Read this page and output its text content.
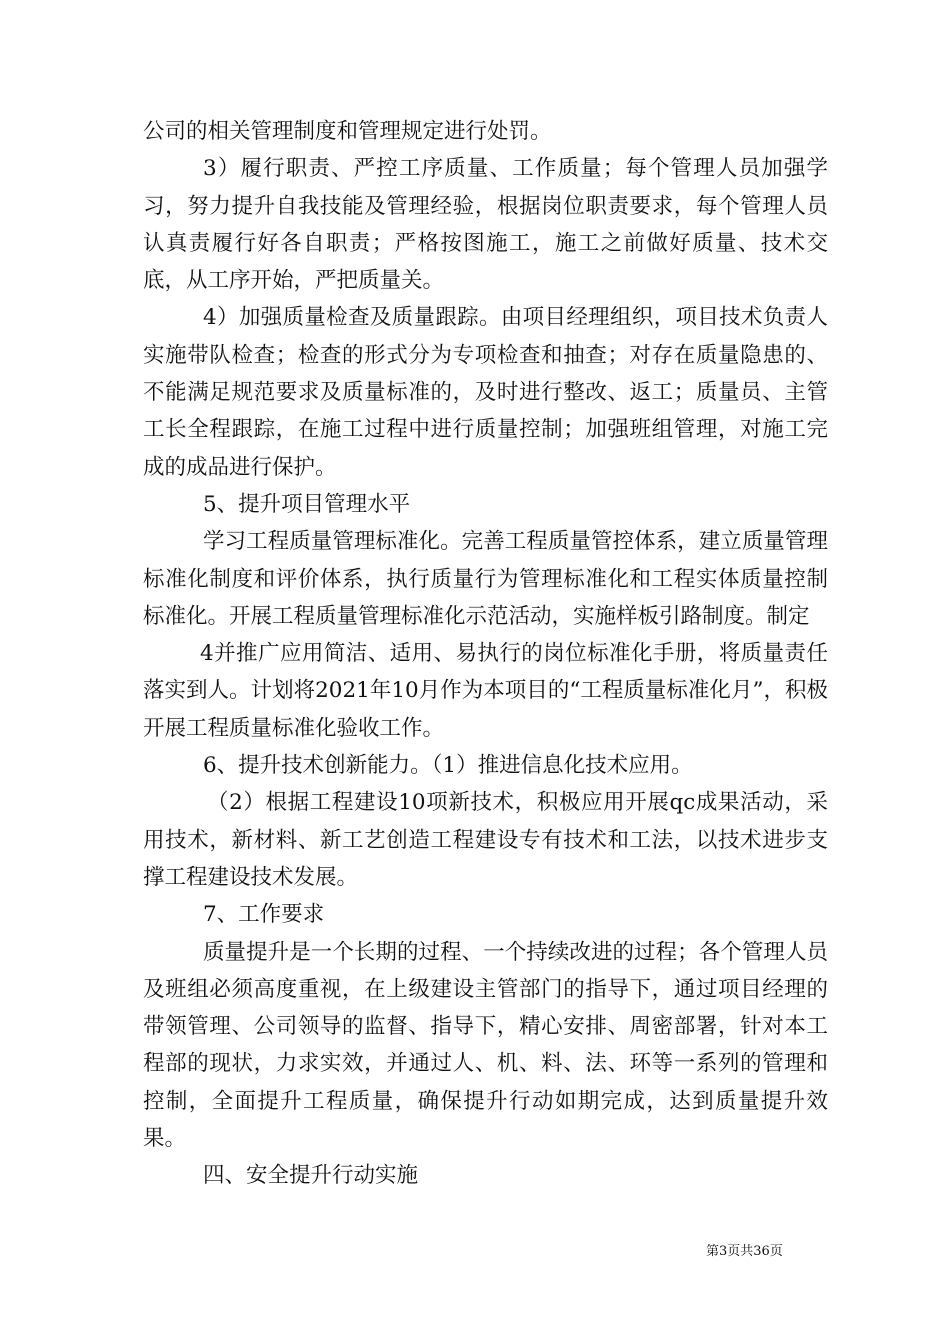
公司的相关管理制度和管理规定进行处罚。

3）履行职责、严控工序质量、工作质量；每个管理人员加强学习，努力提升自我技能及管理经验，根据岗位职责要求，每个管理人员认真责履行好各自职责；严格按图施工，施工之前做好质量、技术交底，从工序开始，严把质量关。

4）加强质量检查及质量跟踪。由项目经理组织，项目技术负责人实施带队检查；检查的形式分为专项检查和抽查；对存在质量隐患的、不能满足规范要求及质量标准的，及时进行整改、返工；质量员、主管工长全程跟踪，在施工过程中进行质量控制；加强班组管理，对施工完成的成品进行保护。

5、提升项目管理水平

学习工程质量管理标准化。完善工程质量管控体系，建立质量管理标准化制度和评价体系，执行质量行为管理标准化和工程实体质量控制标准化。开展工程质量管理标准化示范活动，实施样板引路制度。制定

4并推广应用简洁、适用、易执行的岗位标准化手册，将质量责任落实到人。计划将2021年10月作为本项目的“工程质量标准化月”，积极开展工程质量标准化验收工作。

6、提升技术创新能力。（1）推进信息化技术应用。

（2）根据工程建设10项新技术，积极应用开展qc成果活动，采用技术，新材料、新工艺创造工程建设专有技术和工法，以技术进步支撑工程建设技术发展。

7、工作要求

质量提升是一个长期的过程、一个持续改进的过程；各个管理人员及班组必须高度重视，在上级建设主管部门的指导下，通过项目经理的带领管理、公司领导的监督、指导下，精心安排、周密部署，针对本工程部的现状，力求实效，并通过人、机、料、法、环等一系列的管理和控制，全面提升工程质量，确保提升行动如期完成，达到质量提升效果。

四、安全提升行动实施

第3页共36页
